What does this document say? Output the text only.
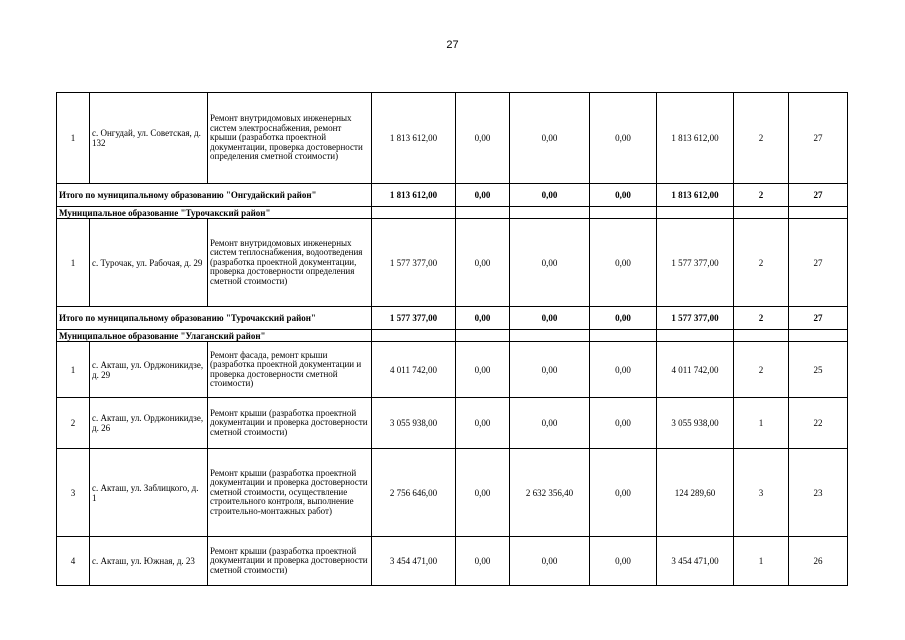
27
1	с. Онгудай, ул. Советская, д. 132	Ремонт внутридомовых инженерных систем электроснабжения, ремонт крыши (разработка проектной документации, проверка достоверности определения сметной стоимости)	1 813 612,00	0,00	0,00	0,00	1 813 612,00	2	27
Итого по муниципальному образованию "Онгудайский район"			1 813 612,00	0,00	0,00	0,00	1 813 612,00	2	27
Муниципальное образование "Турочакский район"									
1	с. Турочак, ул. Рабочая, д. 29	Ремонт внутридомовых инженерных систем теплоснабжения, водоотведения (разработка проектной документации, проверка достоверности определения сметной стоимости)	1 577 377,00	0,00	0,00	0,00	1 577 377,00	2	27
Итого по муниципальному образованию "Турочакский район"			1 577 377,00	0,00	0,00	0,00	1 577 377,00	2	27
Муниципальное образование "Улаганский район"									
1	с. Акташ, ул. Орджоникидзе, д. 29	Ремонт фасада, ремонт крыши (разработка проектной документации и проверка достоверности сметной стоимости)	4 011 742,00	0,00	0,00	0,00	4 011 742,00	2	25
2	с. Акташ, ул. Орджоникидзе, д. 26	Ремонт крыши (разработка проектной документации и проверка достоверности сметной стоимости)	3 055 938,00	0,00	0,00	0,00	3 055 938,00	1	22
3	с. Акташ, ул. Заблицкого, д. 1	Ремонт крыши (разработка проектной документации и проверка достоверности сметной стоимости, осуществление строительного контроля, выполнение строительно-монтажных работ)	2 756 646,00	0,00	2 632 356,40	0,00	124 289,60	3	23
4	с. Акташ, ул. Южная, д. 23	Ремонт крыши (разработка проектной документации и проверка достоверности сметной стоимости)	3 454 471,00	0,00	0,00	0,00	3 454 471,00	1	26
